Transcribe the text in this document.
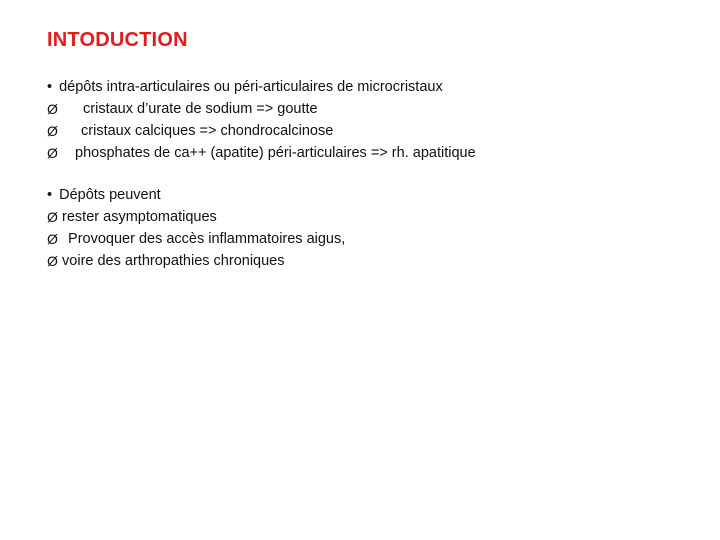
INTODUCTION
• dépôts intra-articulaires ou péri-articulaires de microcristaux
Ø cristaux d’urate de sodium => goutte
Ø cristaux calciques => chondrocalcinose
Ø phosphates de ca++ (apatite) péri-articulaires => rh. apatitique
• Dépôts peuvent
Ø rester asymptomatiques
Ø Provoquer des accès inflammatoires aigus,
Ø voire des arthropathies chroniques
